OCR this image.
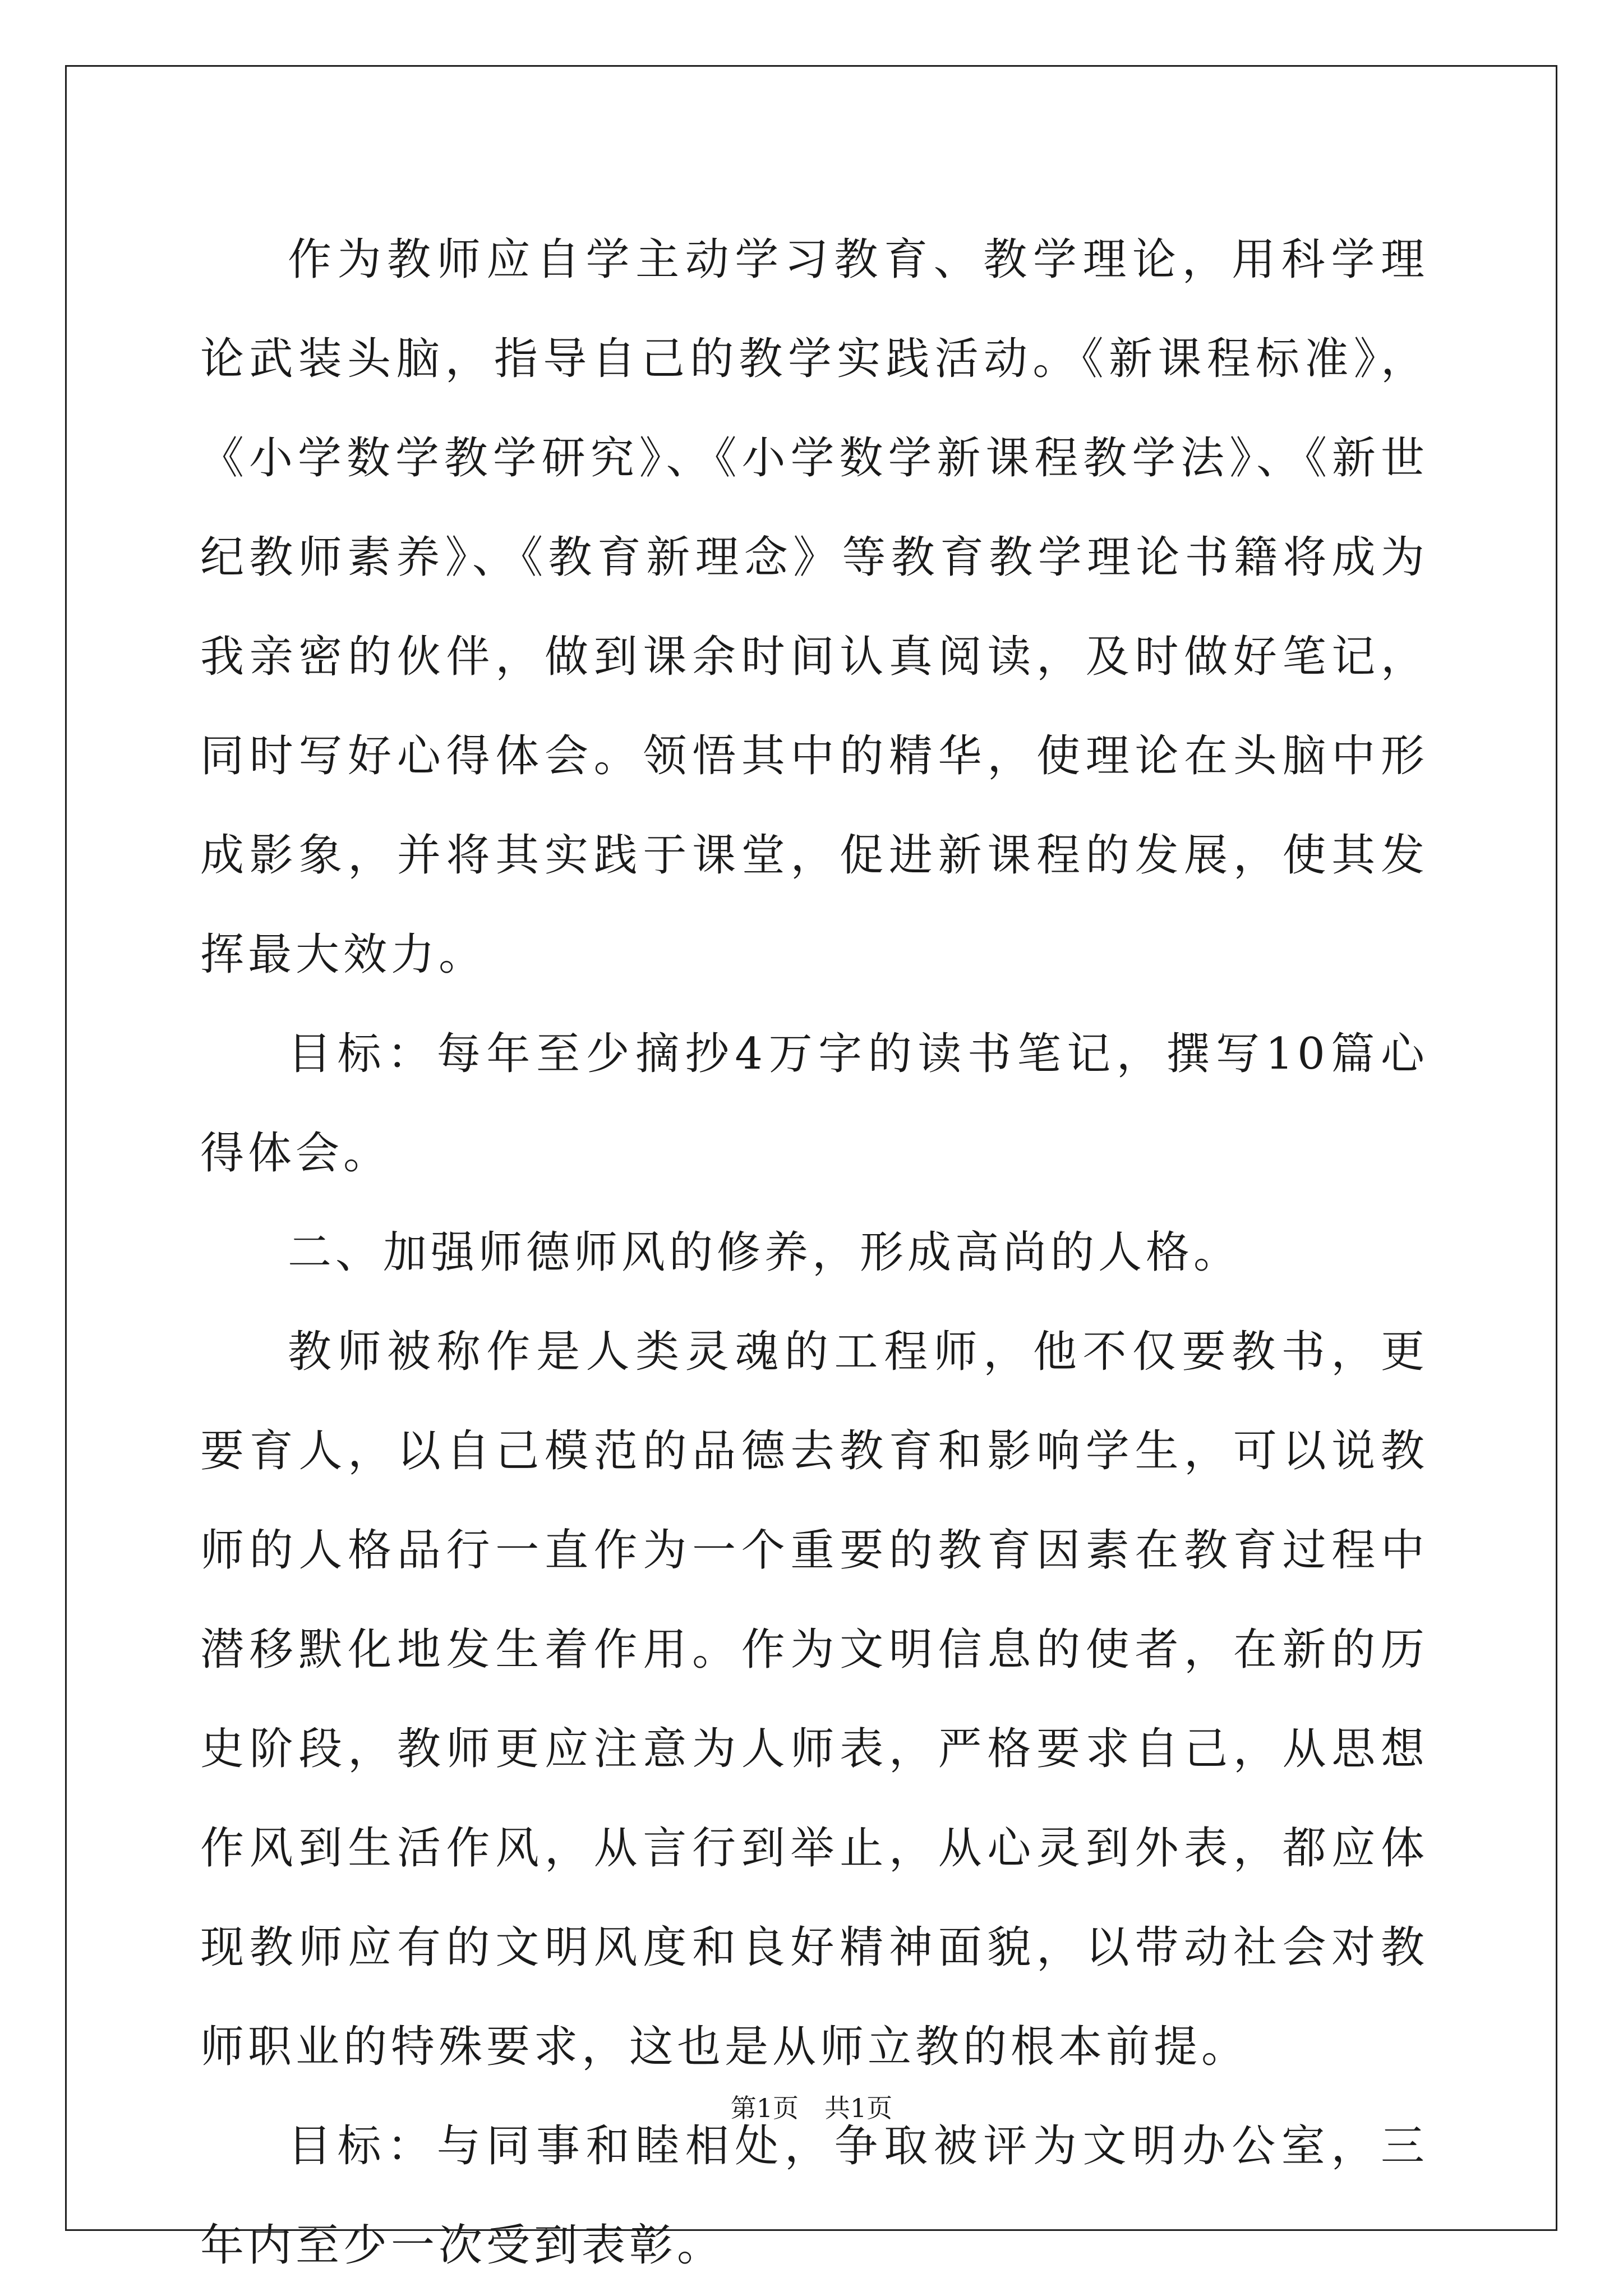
作为教师应自学主动学习教育、教学理论，用科学理论武装头脑，指导自己的教学实践活动。《新课程标准》，《小学数学教学研究》、《小学数学新课程教学法》、《新世纪教师素养》、《教育新理念》等教育教学理论书籍将成为我亲密的伙伴，做到课余时间认真阅读，及时做好笔记，同时写好心得体会。领悟其中的精华，使理论在头脑中形成影象，并将其实践于课堂，促进新课程的发展，使其发挥最大效力。

目标：每年至少摘抄4万字的读书笔记，撰写10篇心得体会。

二、加强师德师风的修养，形成高尚的人格。

教师被称作是人类灵魂的工程师，他不仅要教书，更要育人，以自己模范的品德去教育和影响学生，可以说教师的人格品行一直作为一个重要的教育因素在教育过程中潜移默化地发生着作用。作为文明信息的使者，在新的历史阶段，教师更应注意为人师表，严格要求自己，从思想作风到生活作风，从言行到举止，从心灵到外表，都应体现教师应有的文明风度和良好精神面貌，以带动社会对教师职业的特殊要求，这也是从师立教的根本前提。

目标：与同事和睦相处，争取被评为文明办公室，三年内至少一次受到表彰。

第1页　共1页
